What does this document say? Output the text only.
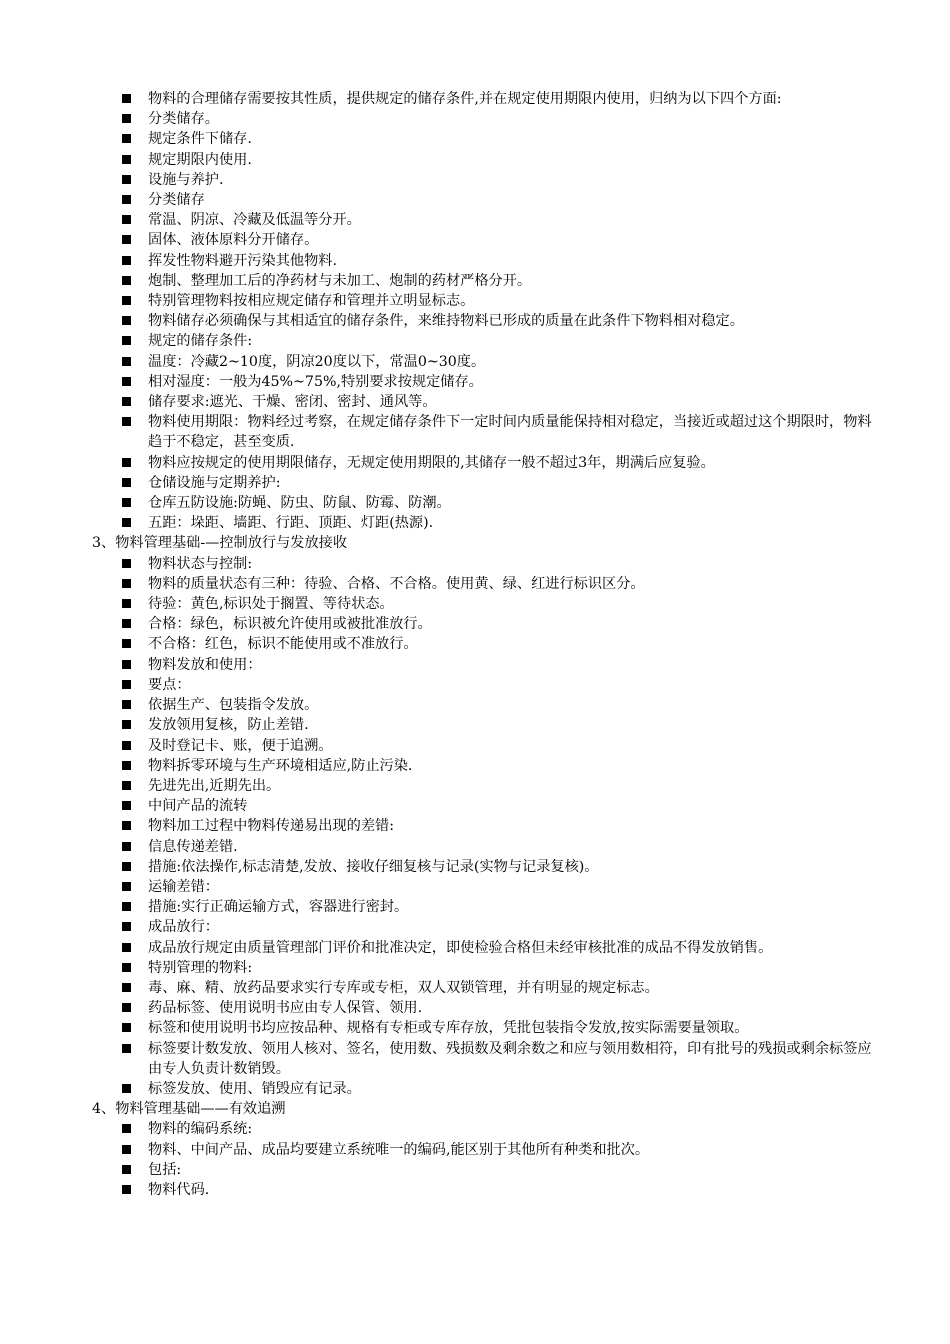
物料的合理储存需要按其性质，提供规定的储存条件,并在规定使用期限内使用，归纳为以下四个方面:
分类储存。
规定条件下储存.
规定期限内使用.
设施与养护.
分类储存
常温、阴凉、冷藏及低温等分开。
固体、液体原料分开储存。
挥发性物料避开污染其他物料.
炮制、整理加工后的净药材与未加工、炮制的药材严格分开。
特别管理物料按相应规定储存和管理并立明显标志。
物料储存必须确保与其相适宜的储存条件，来维持物料已形成的质量在此条件下物料相对稳定。
规定的储存条件:
温度：冷藏2~10度，阴凉20度以下，常温0~30度。
相对湿度：一般为45%~75%,特别要求按规定储存。
储存要求:遮光、干燥、密闭、密封、通风等。
物料使用期限：物料经过考察，在规定储存条件下一定时间内质量能保持相对稳定，当接近或超过这个期限时，物料趋于不稳定，甚至变质.
物料应按规定的使用期限储存，无规定使用期限的,其储存一般不超过3年，期满后应复验。
仓储设施与定期养护:
仓库五防设施:防蝇、防虫、防鼠、防霉、防潮。
五距：垛距、墙距、行距、顶距、灯距(热源).
3、物料管理基础-—控制放行与发放接收
物料状态与控制:
物料的质量状态有三种：待验、合格、不合格。使用黄、绿、红进行标识区分。
待验：黄色,标识处于搁置、等待状态。
合格：绿色，标识被允许使用或被批准放行。
不合格：红色，标识不能使用或不准放行。
物料发放和使用：
要点：
依据生产、包装指令发放。
发放领用复核，防止差错.
及时登记卡、账，便于追溯。
物料拆零环境与生产环境相适应,防止污染.
先进先出,近期先出。
中间产品的流转
物料加工过程中物料传递易出现的差错:
信息传递差错.
措施:依法操作,标志清楚,发放、接收仔细复核与记录(实物与记录复核)。
运输差错：
措施:实行正确运输方式，容器进行密封。
成品放行：
成品放行规定由质量管理部门评价和批准决定，即使检验合格但未经审核批准的成品不得发放销售。
特别管理的物料:
毒、麻、精、放药品要求实行专库或专柜，双人双锁管理，并有明显的规定标志。
药品标签、使用说明书应由专人保管、领用.
标签和使用说明书均应按品种、规格有专柜或专库存放，凭批包装指令发放,按实际需要量领取。
标签要计数发放、领用人核对、签名，使用数、残损数及剩余数之和应与领用数相符，印有批号的残损或剩余标签应由专人负责计数销毁。
标签发放、使用、销毁应有记录。
4、物料管理基础——有效追溯
物料的编码系统:
物料、中间产品、成品均要建立系统唯一的编码,能区别于其他所有种类和批次。
包括:
物料代码.
